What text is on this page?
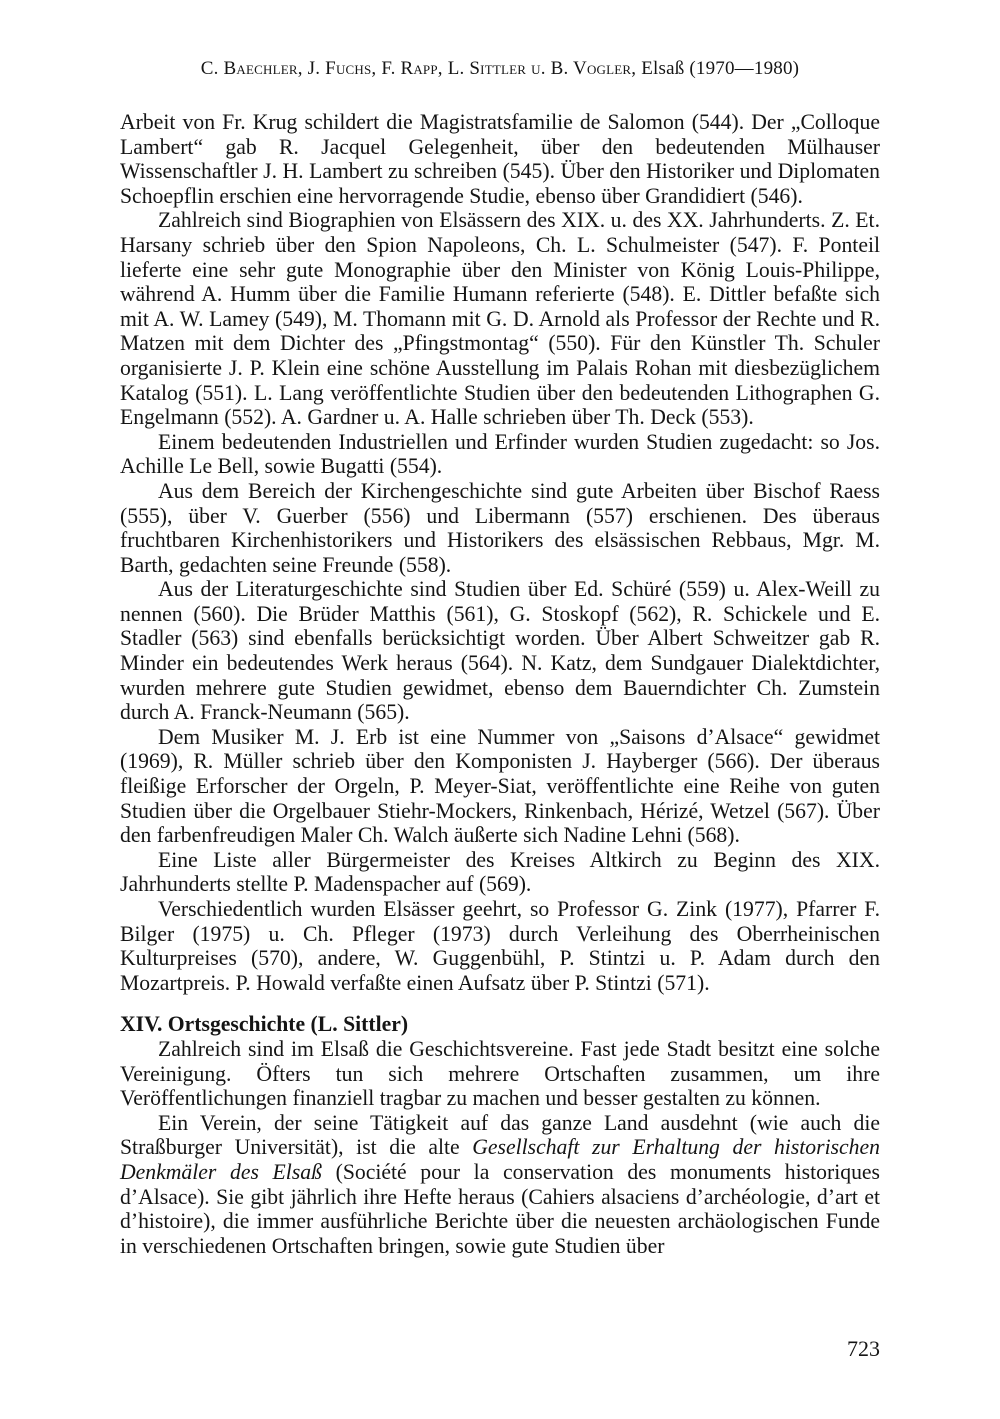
C. Baechler, J. Fuchs, F. Rapp, L. Sittler u. B. Vogler, Elsaß (1970—1980)

Arbeit von Fr. Krug schildert die Magistratsfamilie de Salomon (544). Der „Colloque Lambert“ gab R. Jacquel Gelegenheit, über den bedeutenden Mülhauser Wissenschaftler J. H. Lambert zu schreiben (545). Über den Historiker und Diplomaten Schoepflin erschien eine hervorragende Studie, ebenso über Grandidiert (546).

Zahlreich sind Biographien von Elsässern des XIX. u. des XX. Jahrhunderts. Z. Et. Harsany schrieb über den Spion Napoleons, Ch. L. Schulmeister (547). F. Ponteil lieferte eine sehr gute Monographie über den Minister von König Louis-Philippe, während A. Humm über die Familie Humann referierte (548). E. Dittler befaßte sich mit A. W. Lamey (549), M. Thomann mit G. D. Arnold als Professor der Rechte und R. Matzen mit dem Dichter des „Pfingstmontag“ (550). Für den Künstler Th. Schuler organisierte J. P. Klein eine schöne Ausstellung im Palais Rohan mit diesbezüglichem Katalog (551). L. Lang veröffentlichte Studien über den bedeutenden Lithographen G. Engelmann (552). A. Gardner u. A. Halle schrieben über Th. Deck (553).

Einem bedeutenden Industriellen und Erfinder wurden Studien zugedacht: so Jos. Achille Le Bell, sowie Bugatti (554).

Aus dem Bereich der Kirchengeschichte sind gute Arbeiten über Bischof Raess (555), über V. Guerber (556) und Libermann (557) erschienen. Des überaus fruchtbaren Kirchenhistorikers und Historikers des elsässischen Rebbaus, Mgr. M. Barth, gedachten seine Freunde (558).

Aus der Literaturgeschichte sind Studien über Ed. Schüré (559) u. Alex-Weill zu nennen (560). Die Brüder Matthis (561), G. Stoskopf (562), R. Schickele und E. Stadler (563) sind ebenfalls berücksichtigt worden. Über Albert Schweitzer gab R. Minder ein bedeutendes Werk heraus (564). N. Katz, dem Sundgauer Dialektdichter, wurden mehrere gute Studien gewidmet, ebenso dem Bauerndichter Ch. Zumstein durch A. Franck-Neumann (565).

Dem Musiker M. J. Erb ist eine Nummer von „Saisons d’Alsace“ gewidmet (1969), R. Müller schrieb über den Komponisten J. Hayberger (566). Der überaus fleißige Erforscher der Orgeln, P. Meyer-Siat, veröffentlichte eine Reihe von guten Studien über die Orgelbauer Stiehr-Mockers, Rinkenbach, Hérizé, Wetzel (567). Über den farbenfreudigen Maler Ch. Walch äußerte sich Nadine Lehni (568).

Eine Liste aller Bürgermeister des Kreises Altkirch zu Beginn des XIX. Jahrhunderts stellte P. Madenspacher auf (569).

Verschiedentlich wurden Elsässer geehrt, so Professor G. Zink (1977), Pfarrer F. Bilger (1975) u. Ch. Pfleger (1973) durch Verleihung des Oberrheinischen Kulturpreises (570), andere, W. Guggenbühl, P. Stintzi u. P. Adam durch den Mozartpreis. P. Howald verfaßte einen Aufsatz über P. Stintzi (571).

XIV. Ortsgeschichte (L. Sittler)

Zahlreich sind im Elsaß die Geschichtsvereine. Fast jede Stadt besitzt eine solche Vereinigung. Öfters tun sich mehrere Ortschaften zusammen, um ihre Veröffentlichungen finanziell tragbar zu machen und besser gestalten zu können.

Ein Verein, der seine Tätigkeit auf das ganze Land ausdehnt (wie auch die Straßburger Universität), ist die alte Gesellschaft zur Erhaltung der historischen Denkmäler des Elsaß (Société pour la conservation des monuments historiques d’Alsace). Sie gibt jährlich ihre Hefte heraus (Cahiers alsaciens d’archéologie, d’art et d’histoire), die immer ausführliche Berichte über die neuesten archäologischen Funde in verschiedenen Ortschaften bringen, sowie gute Studien über

723
